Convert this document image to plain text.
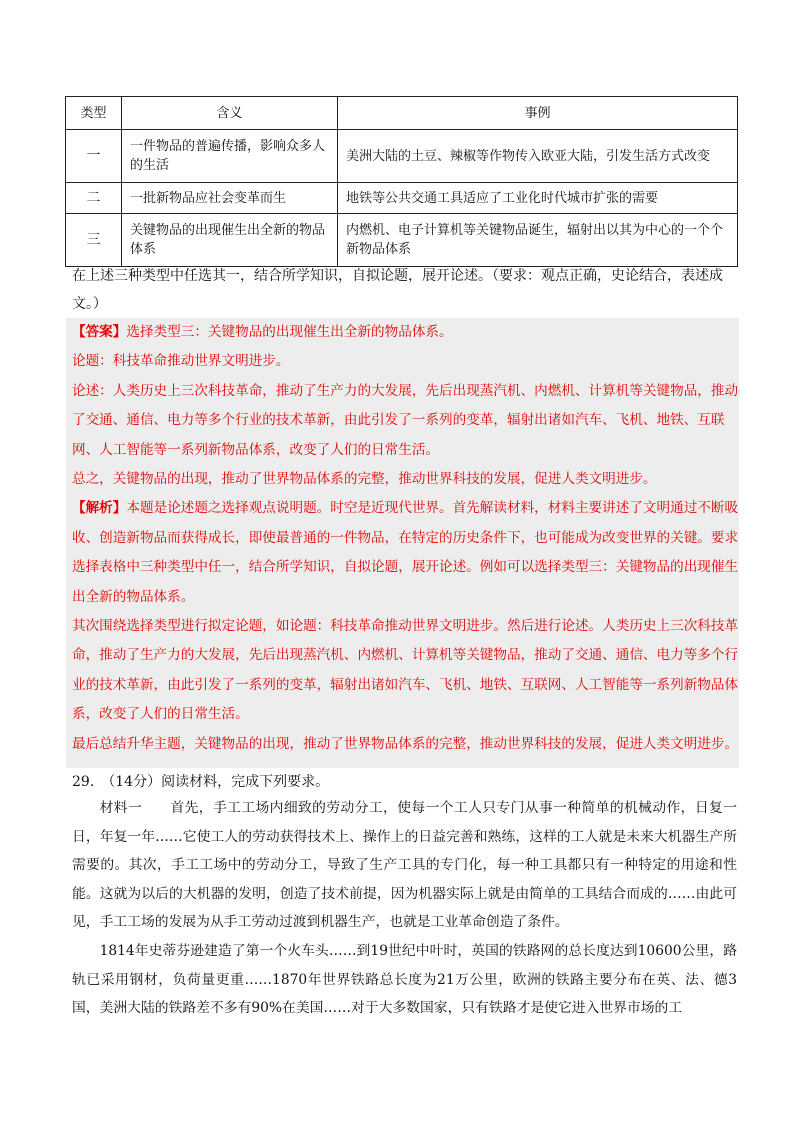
类型	含义	事例
一	一件物品的普遍传播，影响众多人的生活	美洲大陆的土豆、辣椒等作物传入欧亚大陆，引发生活方式改变
二	一批新物品应社会变革而生	地铁等公共交通工具适应了工业化时代城市扩张的需要
三	关键物品的出现催生出全新的物品体系	内燃机、电子计算机等关键物品诞生，辐射出以其为中心的一个个新物品体系
在上述三种类型中任选其一，结合所学知识，自拟论题，展开论述。（要求：观点正确，史论结合，表述成文。）

【答案】选择类型三：关键物品的出现催生出全新的物品体系。

论题：科技革命推动世界文明进步。

论述：人类历史上三次科技革命，推动了生产力的大发展，先后出现蒸汽机、内燃机、计算机等关键物品，推动了交通、通信、电力等多个行业的技术革新，由此引发了一系列的变革，辐射出诸如汽车、飞机、地铁、互联网、人工智能等一系列新物品体系，改变了人们的日常生活。

总之，关键物品的出现，推动了世界物品体系的完整，推动世界科技的发展，促进人类文明进步。

【解析】本题是论述题之选择观点说明题。时空是近现代世界。首先解读材料，材料主要讲述了文明通过不断吸收、创造新物品而获得成长，即使最普通的一件物品，在特定的历史条件下，也可能成为改变世界的关键。要求选择表格中三种类型中任一，结合所学知识，自拟论题，展开论述。例如可以选择类型三：关键物品的出现催生出全新的物品体系。

其次围绕选择类型进行拟定论题，如论题：科技革命推动世界文明进步。然后进行论述。人类历史上三次科技革命，推动了生产力的大发展，先后出现蒸汽机、内燃机、计算机等关键物品，推动了交通、通信、电力等多个行业的技术革新，由此引发了一系列的变革，辐射出诸如汽车、飞机、地铁、互联网、人工智能等一系列新物品体系，改变了人们的日常生活。

最后总结升华主题，关键物品的出现，推动了世界物品体系的完整，推动世界科技的发展，促进人类文明进步。

29.　（14分）阅读材料，完成下列要求。

材料一　　首先，手工工场内细致的劳动分工，使每一个工人只专门从事一种简单的机械动作，日复一日，年复一年……它使工人的劳动获得技术上、操作上的日益完善和熟练，这样的工人就是未来大机器生产所需要的。其次，手工工场中的劳动分工，导致了生产工具的专门化，每一种工具都只有一种特定的用途和性能。这就为以后的大机器的发明，创造了技术前提，因为机器实际上就是由简单的工具结合而成的……由此可见，手工工场的发展为从手工劳动过渡到机器生产，也就是工业革命创造了条件。

1814年史蒂芬逊建造了第一个火车头……到19世纪中叶时，英国的铁路网的总长度达到10600公里，路轨已采用钢材，负荷量更重……1870年世界铁路总长度为21万公里，欧洲的铁路主要分布在英、法、德3国，美洲大陆的铁路差不多有90%在美国……对于大多数国家，只有铁路才是使它进入世界市场的工
